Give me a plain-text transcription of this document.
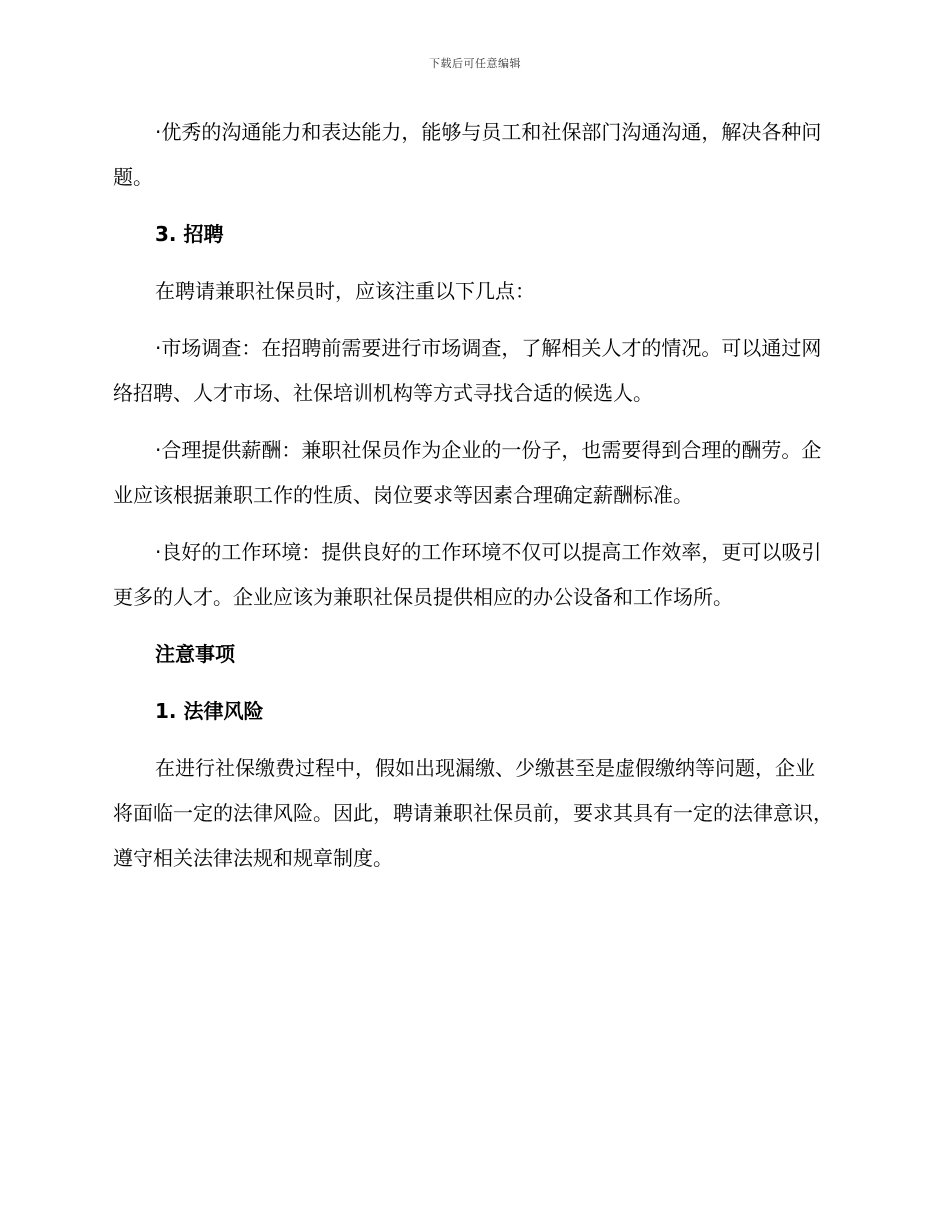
下载后可任意编辑

·优秀的沟通能力和表达能力，能够与员工和社保部门沟通沟通，解决各种问题。

3. 招聘

在聘请兼职社保员时，应该注重以下几点：

·市场调查：在招聘前需要进行市场调查，了解相关人才的情况。可以通过网络招聘、人才市场、社保培训机构等方式寻找合适的候选人。

·合理提供薪酬：兼职社保员作为企业的一份子，也需要得到合理的酬劳。企业应该根据兼职工作的性质、岗位要求等因素合理确定薪酬标准。

·良好的工作环境：提供良好的工作环境不仅可以提高工作效率，更可以吸引更多的人才。企业应该为兼职社保员提供相应的办公设备和工作场所。

注意事项

1. 法律风险

在进行社保缴费过程中，假如出现漏缴、少缴甚至是虚假缴纳等问题，企业将面临一定的法律风险。因此，聘请兼职社保员前，要求其具有一定的法律意识，遵守相关法律法规和规章制度。
